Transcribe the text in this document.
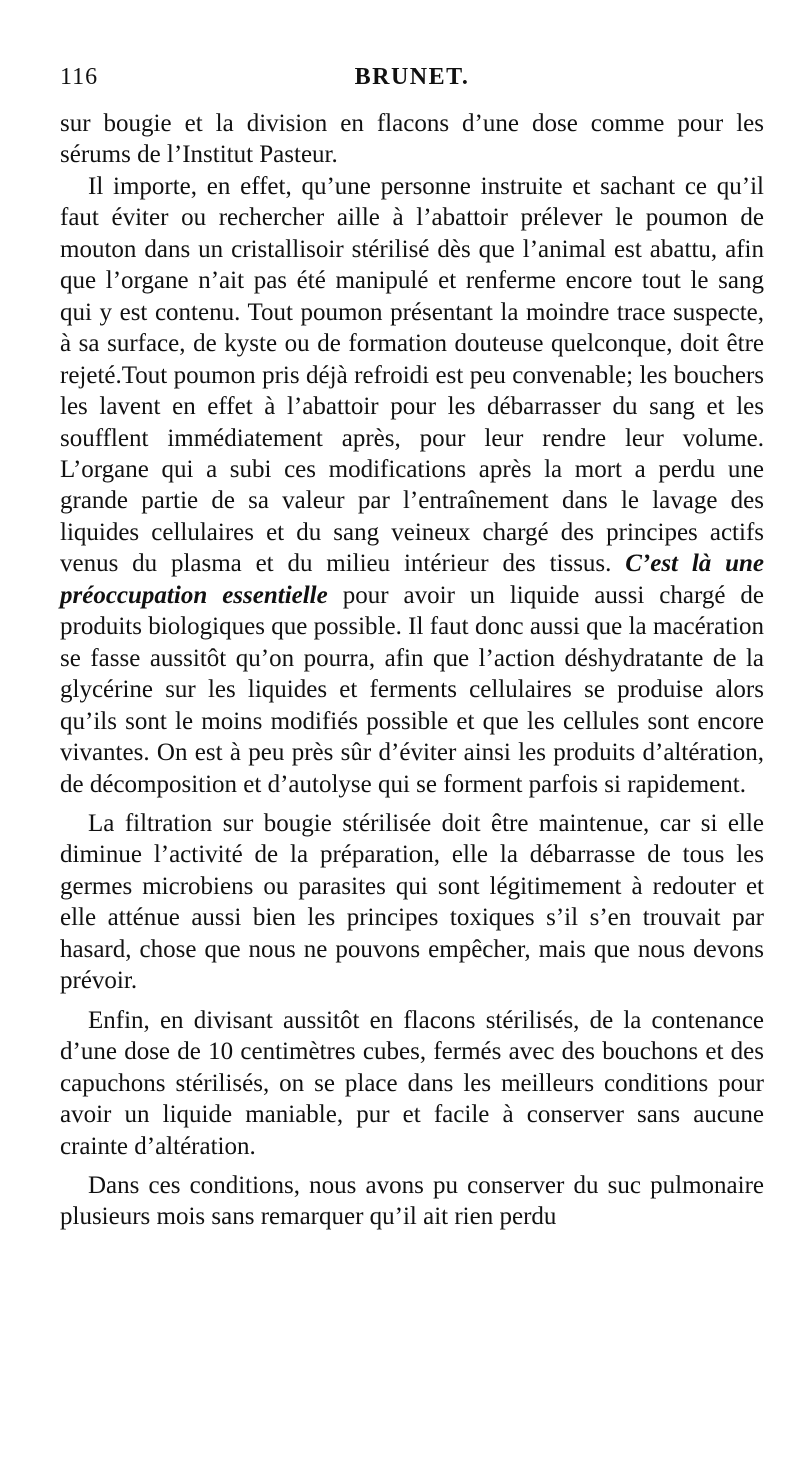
116	BRUNET.

sur bougie et la division en flacons d’une dose comme pour les sérums de l’Institut Pasteur.

Il importe, en effet, qu’une personne instruite et sachant ce qu’il faut éviter ou rechercher aille à l’abattoir prélever le poumon de mouton dans un cristallisoir stérilisé dès que l’animal est abattu, afin que l’organe n’ait pas été manipulé et renferme encore tout le sang qui y est contenu. Tout poumon présentant la moindre trace suspecte, à sa surface, de kyste ou de formation douteuse quelconque, doit être rejeté.Tout poumon pris déjà refroidi est peu convenable; les bouchers les lavent en effet à l’abattoir pour les débarrasser du sang et les soufflent immédiatement après, pour leur rendre leur volume. L’organe qui a subi ces modifications après la mort a perdu une grande partie de sa valeur par l’entraînement dans le lavage des liquides cellulaires et du sang veineux chargé des principes actifs venus du plasma et du milieu intérieur des tissus. C’est là une préoccupation essentielle pour avoir un liquide aussi chargé de produits biologiques que possible. Il faut donc aussi que la macération se fasse aussitôt qu’on pourra, afin que l’action déshydratante de la glycérine sur les liquides et ferments cellulaires se produise alors qu’ils sont le moins modifiés possible et que les cellules sont encore vivantes. On est à peu près sûr d’éviter ainsi les produits d’altération, de décomposition et d’autolyse qui se forment parfois si rapidement.

La filtration sur bougie stérilisée doit être maintenue, car si elle diminue l’activité de la préparation, elle la débarrasse de tous les germes microbiens ou parasites qui sont légitimement à redouter et elle atténue aussi bien les principes toxiques s’il s’en trouvait par hasard, chose que nous ne pouvons empêcher, mais que nous devons prévoir.

Enfin, en divisant aussitôt en flacons stérilisés, de la contenance d’une dose de 10 centimètres cubes, fermés avec des bouchons et des capuchons stérilisés, on se place dans les meilleurs conditions pour avoir un liquide maniable, pur et facile à conserver sans aucune crainte d’altération.

Dans ces conditions, nous avons pu conserver du suc pulmonaire plusieurs mois sans remarquer qu’il ait rien perdu
